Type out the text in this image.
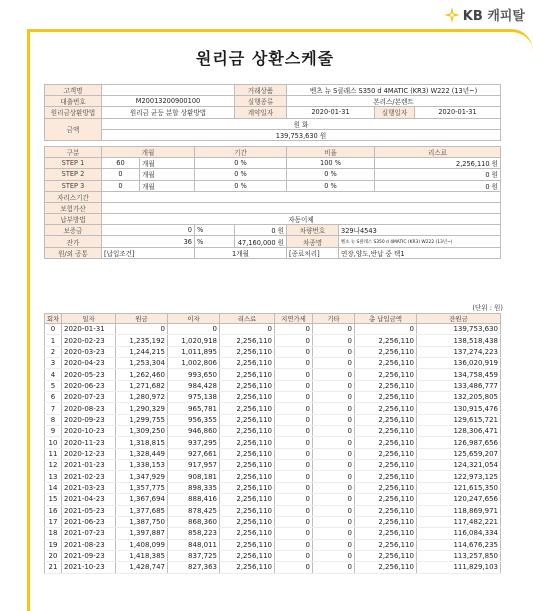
KB 캐피탈
원리금 상환스케줄
고객명				거래상품	벤츠 뉴 S클래스 S350 d 4MATIC (KR3) W222 (13년~)			
대출번호	M20013200900100			실행종류	본리스/본렌트			
원리금상환방법	원리금 균등 분할 상환방법			계약일자	2020-01-31		실행일자	2020-01-31
금액	원 화							
	139,753,630 원							

구분	개월		기간		비율		리스료	
STEP 1	60	개월	0 %		100 %		2,256,110 원	
STEP 2	0	개월	0 %		0 %		0 원	
STEP 3	0	개월	0 %		0 %		0 원	
자리스기간								
보험가산								
납부방법	자동이체							
보증금	0		%	0 원	차량번호	329나4543		
잔가	36		%	47,160,000 원	차종명	벤츠 뉴 S클래스 S350 d 4MATIC (KR3) W222 (13년~)		
원/외 공통	[납입조건]		1개월		[종료처리]	연장,양도,반납 중 택1		
(단위 : 원)
회차	일자	원금	이자	리스료	지연가세	기타	총 납입금액	잔원금
0	2020-01-31	0	0	0	0	0	0	139,753,630
1	2020-02-23	1,235,192	1,020,918	2,256,110	0	0	2,256,110	138,518,438
2	2020-03-23	1,244,215	1,011,895	2,256,110	0	0	2,256,110	137,274,223
3	2020-04-23	1,253,304	1,002,806	2,256,110	0	0	2,256,110	136,020,919
4	2020-05-23	1,262,460	993,650	2,256,110	0	0	2,256,110	134,758,459
5	2020-06-23	1,271,682	984,428	2,256,110	0	0	2,256,110	133,486,777
6	2020-07-23	1,280,972	975,138	2,256,110	0	0	2,256,110	132,205,805
7	2020-08-23	1,290,329	965,781	2,256,110	0	0	2,256,110	130,915,476
8	2020-09-23	1,299,755	956,355	2,256,110	0	0	2,256,110	129,615,721
9	2020-10-23	1,309,250	946,860	2,256,110	0	0	2,256,110	128,306,471
10	2020-11-23	1,318,815	937,295	2,256,110	0	0	2,256,110	126,987,656
11	2020-12-23	1,328,449	927,661	2,256,110	0	0	2,256,110	125,659,207
12	2021-01-23	1,338,153	917,957	2,256,110	0	0	2,256,110	124,321,054
13	2021-02-23	1,347,929	908,181	2,256,110	0	0	2,256,110	122,973,125
14	2021-03-23	1,357,775	898,335	2,256,110	0	0	2,256,110	121,615,350
15	2021-04-23	1,367,694	888,416	2,256,110	0	0	2,256,110	120,247,656
16	2021-05-23	1,377,685	878,425	2,256,110	0	0	2,256,110	118,869,971
17	2021-06-23	1,387,750	868,360	2,256,110	0	0	2,256,110	117,482,221
18	2021-07-23	1,397,887	858,223	2,256,110	0	0	2,256,110	116,084,334
19	2021-08-23	1,408,099	848,011	2,256,110	0	0	2,256,110	114,676,235
20	2021-09-23	1,418,385	837,725	2,256,110	0	0	2,256,110	113,257,850
21	2021-10-23	1,428,747	827,363	2,256,110	0	0	2,256,110	111,829,103
